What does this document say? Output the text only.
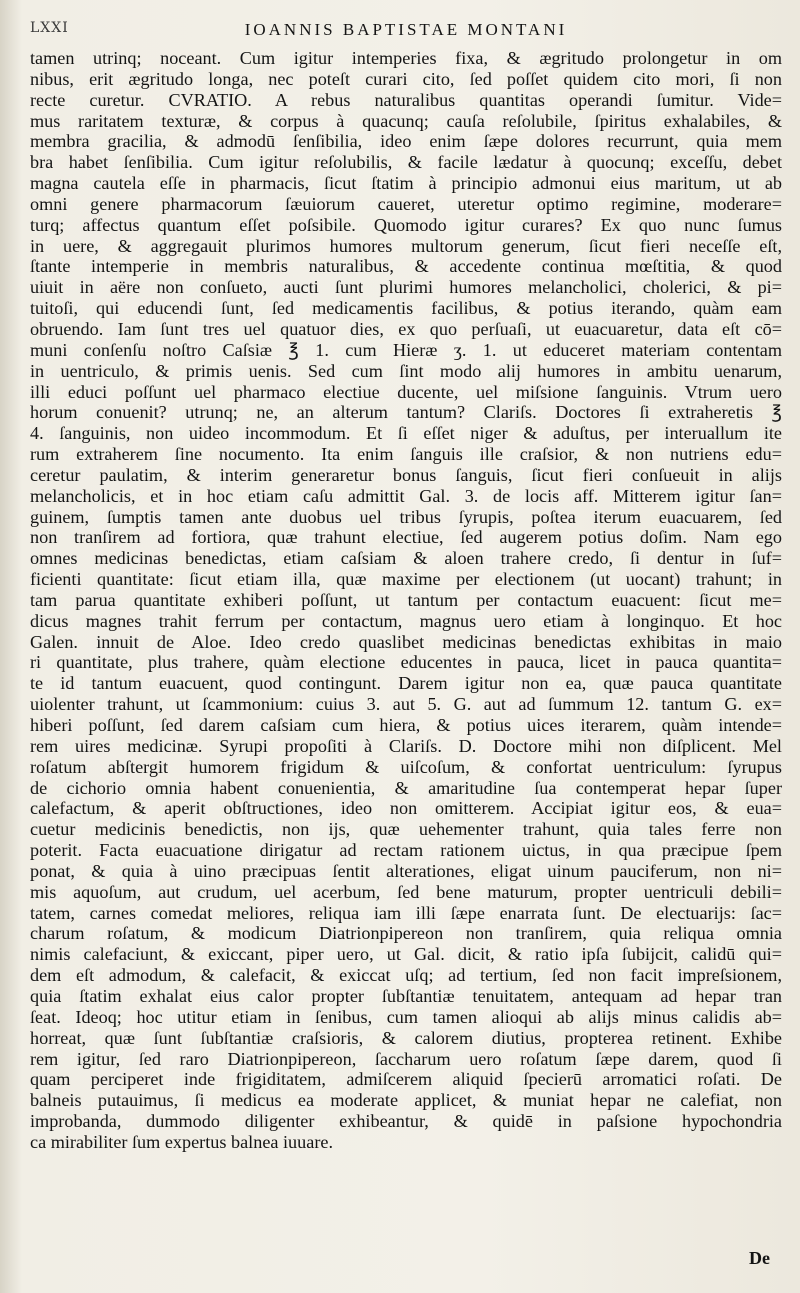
LXXI	IOANNIS BAPTISTAE MONTANI
tamen utrinq; noceant. Cum igitur intemperies fixa, & ægritudo prolongetur in om
nibus, erit ægritudo longa, nec poteſt curari cito, ſed poſſet quidem cito mori, ſi non
recte curetur. CVRATIO. A rebus naturalibus quantitas operandi ſumitur. Vide=
mus raritatem texturæ, & corpus à quacunq; cauſa reſolubile, ſpiritus exhalabiles, &
membra gracilia, & admodū ſenſibilia, ideo enim ſæpe dolores recurrunt, quia mem
bra habet ſenſibilia. Cum igitur reſolubilis, & facile lædatur à quocunq; exceſſu, debet
magna cautela eſſe in pharmacis, ſicut ſtatim à principio admonui eius maritum, ut ab
omni genere pharmacorum ſæuiorum caueret, uteretur optimo regimine, moderare=
turq; affectus quantum eſſet poſsibile. Quomodo igitur curares? Ex quo nunc ſumus
in uere, & aggregauit plurimos humores multorum generum, ſicut fieri neceſſe eſt,
ſtante intemperie in membris naturalibus, & accedente continua mœſtitia, & quod
uiuit in aëre non conſueto, aucti ſunt plurimi humores melancholici, cholerici, & pi=
tuitoſi, qui educendi ſunt, ſed medicamentis facilibus, & potius iterando, quàm eam
obruendo. Iam ſunt tres uel quatuor dies, ex quo perſuaſi, ut euacuaretur, data eſt cō=
muni conſenſu noſtro Caſsiæ ℥ 1. cum Hieræ ʒ. 1. ut educeret materiam contentam
in uentriculo, & primis uenis. Sed cum ſint modo alij humores in ambitu uenarum,
illi educi poſſunt uel pharmaco electiue ducente, uel miſsione ſanguinis. Vtrum uero
horum conuenit? utrunq; ne, an alterum tantum? Clariſs. Doctores ſi extraheretis ℥
4. ſanguinis, non uideo incommodum. Et ſi eſſet niger & aduſtus, per interuallum ite
rum extraherem ſine nocumento. Ita enim ſanguis ille craſsior, & non nutriens edu=
ceretur paulatim, & interim generaretur bonus ſanguis, ſicut fieri conſueuit in alijs
melancholicis, et in hoc etiam caſu admittit Gal. 3. de locis aff. Mitterem igitur ſan=
guinem, ſumptis tamen ante duobus uel tribus ſyrupis, poſtea iterum euacuarem, ſed
non tranſirem ad fortiora, quæ trahunt electiue, ſed augerem potius doſim. Nam ego
omnes medicinas benedictas, etiam caſsiam & aloen trahere credo, ſi dentur in ſuf=
ficienti quantitate: ſicut etiam illa, quæ maxime per electionem (ut uocant) trahunt; in
tam parua quantitate exhiberi poſſunt, ut tantum per contactum euacuent: ſicut me=
dicus magnes trahit ferrum per contactum, magnus uero etiam à longinquo. Et hoc
Galen. innuit de Aloe. Ideo credo quaslibet medicinas benedictas exhibitas in maio
ri quantitate, plus trahere, quàm electione educentes in pauca, licet in pauca quantita=
te id tantum euacuent, quod contingunt. Darem igitur non ea, quæ pauca quantitate
uiolenter trahunt, ut ſcammonium: cuius 3. aut 5. G. aut ad ſummum 12. tantum G. ex=
hiberi poſſunt, ſed darem caſsiam cum hiera, & potius uices iterarem, quàm intende=
rem uires medicinæ. Syrupi propoſiti à Clariſs. D. Doctore mihi non diſplicent. Mel
roſatum abſtergit humorem frigidum & uiſcoſum, & confortat uentriculum: ſyrupus
de cichorio omnia habent conuenientia, & amaritudine ſua contemperat hepar ſuper
calefactum, & aperit obſtructiones, ideo non omitterem. Accipiat igitur eos, & eua=
cuetur medicinis benedictis, non ijs, quæ uehementer trahunt, quia tales ferre non
poterit. Facta euacuatione dirigatur ad rectam rationem uictus, in qua præcipue ſpem
ponat, & quia à uino præcipuas ſentit alterationes, eligat uinum pauciferum, non ni=
mis aquoſum, aut crudum, uel acerbum, ſed bene maturum, propter uentriculi debili=
tatem, carnes comedat meliores, reliqua iam illi ſæpe enarrata ſunt. De electuarijs: ſac=
charum roſatum, & modicum Diatrionpipereon non tranſirem, quia reliqua omnia
nimis calefaciunt, & exiccant, piper uero, ut Gal. dicit, & ratio ipſa ſubijcit, calidū qui=
dem eſt admodum, & calefacit, & exiccat uſq; ad tertium, ſed non facit impreſsionem,
quia ſtatim exhalat eius calor propter ſubſtantiæ tenuitatem, antequam ad hepar tran
ſeat. Ideoq; hoc utitur etiam in ſenibus, cum tamen alioqui ab alijs minus calidis ab=
horreat, quæ ſunt ſubſtantiæ craſsioris, & calorem diutius, propterea retinent. Exhibe
rem igitur, ſed raro Diatrionpipereon, ſaccharum uero roſatum ſæpe darem, quod ſi
quam perciperet inde frigiditatem, admiſcerem aliquid ſpecierū arromatici roſati. De
balneis putauimus, ſi medicus ea moderate applicet, & muniat hepar ne calefiat, non
improbanda, dummodo diligenter exhibeantur, & quidē in paſsione hypochondria
ca mirabiliter ſum expertus balnea iuuare.
De
